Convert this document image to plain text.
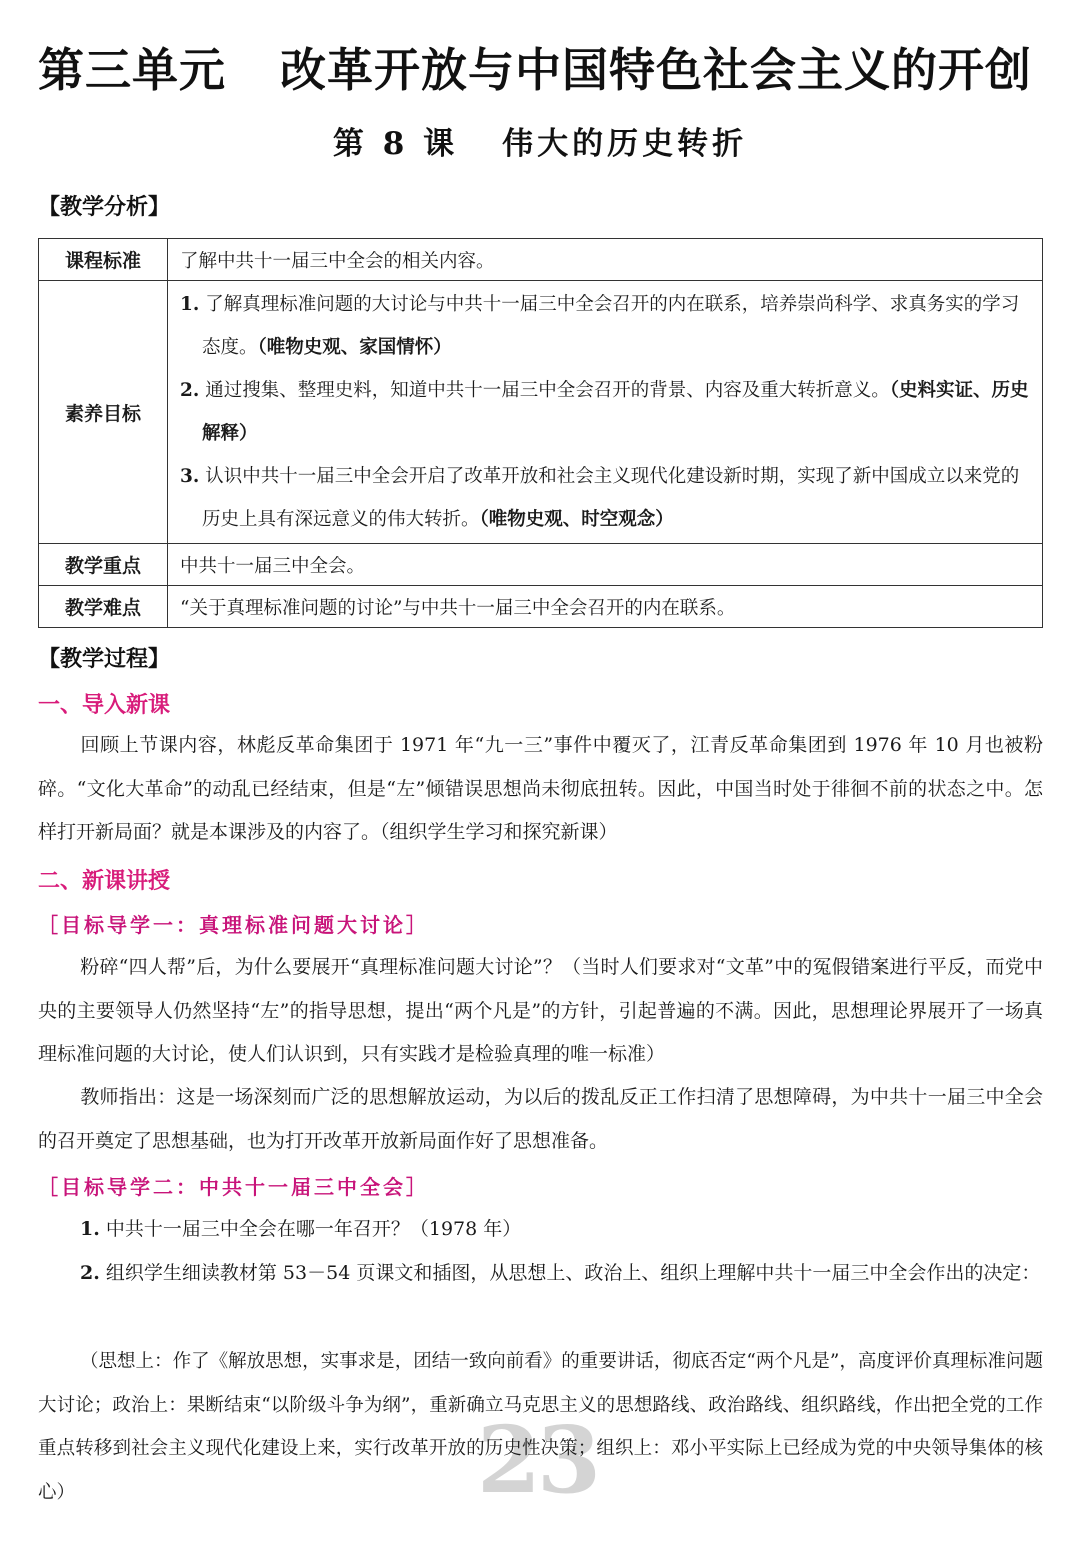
第三单元 改革开放与中国特色社会主义的开创
第 8 课 伟大的历史转折
【教学分析】
课程标准	了解中共十一届三中全会的相关内容。
素养目标	1. 了解真理标准问题的大讨论与中共十一届三中全会召开的内在联系，培养崇尚科学、求真务实的学习态度。（唯物史观、家国情怀）
2. 通过搜集、整理史料，知道中共十一届三中全会召开的背景、内容及重大转折意义。（史料实证、历史解释）
3. 认识中共十一届三中全会开启了改革开放和社会主义现代化建设新时期，实现了新中国成立以来党的历史上具有深远意义的伟大转折。（唯物史观、时空观念）

教学重点	中共十一届三中全会。
教学难点	“关于真理标准问题的讨论”与中共十一届三中全会召开的内在联系。
【教学过程】
一、导入新课
回顾上节课内容，林彪反革命集团于 1971 年“九一三”事件中覆灭了，江青反革命集团到 1976 年 10 月也被粉碎。“文化大革命”的动乱已经结束，但是“左”倾错误思想尚未彻底扭转。因此，中国当时处于徘徊不前的状态之中。怎样打开新局面？就是本课涉及的内容了。（组织学生学习和探究新课）
二、新课讲授
［目标导学一：真理标准问题大讨论］
粉碎“四人帮”后，为什么要展开“真理标准问题大讨论”？（当时人们要求对“文革”中的冤假错案进行平反，而党中央的主要领导人仍然坚持“左”的指导思想，提出“两个凡是”的方针，引起普遍的不满。因此，思想理论界展开了一场真理标准问题的大讨论，使人们认识到，只有实践才是检验真理的唯一标准）
教师指出：这是一场深刻而广泛的思想解放运动，为以后的拨乱反正工作扫清了思想障碍，为中共十一届三中全会的召开奠定了思想基础，也为打开改革开放新局面作好了思想准备。
［目标导学二：中共十一届三中全会］
1. 中共十一届三中全会在哪一年召开？（1978 年）
2. 组织学生细读教材第 53－54 页课文和插图，从思想上、政治上、组织上理解中共十一届三中全会作出的决定：
23
（思想上：作了《解放思想，实事求是，团结一致向前看》的重要讲话，彻底否定“两个凡是”，高度评价真理标准问题大讨论；政治上：果断结束“以阶级斗争为纲”，重新确立马克思主义的思想路线、政治路线、组织路线，作出把全党的工作重点转移到社会主义现代化建设上来，实行改革开放的历史性决策；组织上：邓小平实际上已经成为党的中央领导集体的核心）
